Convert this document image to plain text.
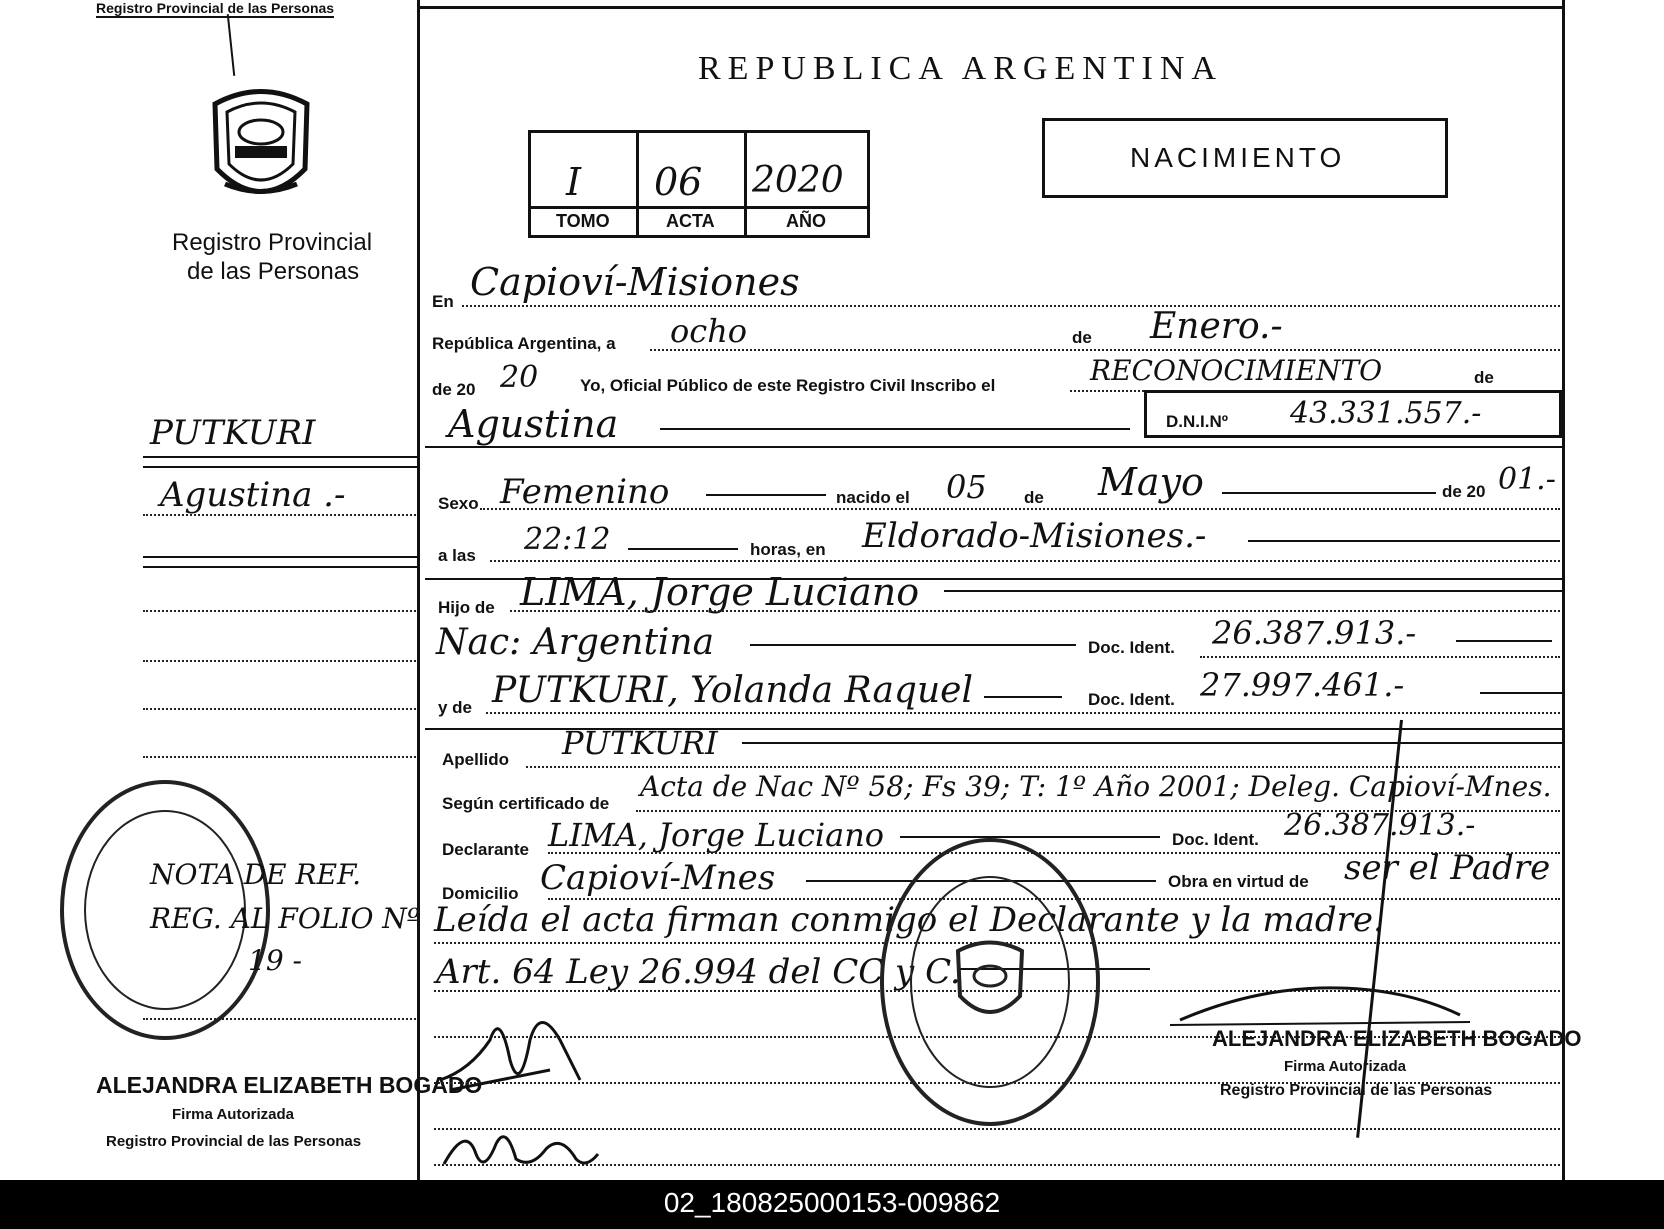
Registro Provincial de las Personas
Registro Provincial
de las Personas
PUTKURI
Agustina .-
NOTA DE REF.
REG. AL FOLIO Nº
19 -
ALEJANDRA ELIZABETH BOGADO
Firma Autorizada
Registro Provincial de las Personas
REPUBLICA ARGENTINA
I 06 2020
TOMO	ACTA	AÑO
NACIMIENTO
En Capioví-Misiones
República Argentina, a ocho	de Enero.-
de 20 20 Yo, Oficial Público de este Registro Civil Inscribo el	RECONOCIMIENTO	de
Agustina	D.N.I.Nº 43.331.557.-
Sexo Femenino	nacido el 05 de Mayo	de 20 01.-
a las 22:12	horas, en Eldorado-Misiones.-
Hijo de LIMA, Jorge Luciano
Nac: Argentina	Doc. Ident. 26.387.913.-
y de PUTKURI, Yolanda Raquel	Doc. Ident. 27.997.461.-
Apellido PUTKURI
Según certificado de
Acta de Nac Nº 58; Fs 39; T: 1º Año 2001; Deleg. Capioví-Mnes.
Declarante LIMA, Jorge Luciano	Doc. Ident. 26.387.913.-
Domicilio Capioví-Mnes	Obra en virtud de ser el Padre
Leída el acta firman conmigo el Declarante y la madre.
Art. 64 Ley 26.994 del CC y C.
ALEJANDRA ELIZABETH BOGADO
Firma Autorizada
Registro Provincial de las Personas
02_180825000153-009862
